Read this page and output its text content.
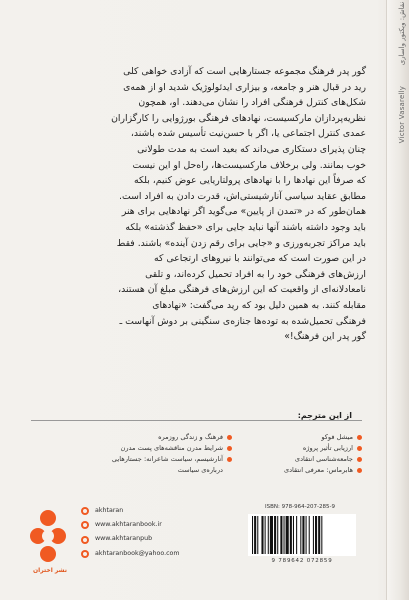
Victor Vasarelly نقاش: ویکتور واساری

گور پدر فرهنگ مجموعه جستارهایی است که آزادی خواهی کلی

رید در قبال هنر و جامعه، و بیزاری ایدئولوژیک شدید او از همه‌ی

شکل‌های کنترل فرهنگی افراد را نشان می‌دهند. او، همچون

نظریه‌پردازان مارکسیست، نهادهای فرهنگی بورژوایی را کارگزاران

عمدی کنترل اجتماعی یا، اگر با حسن‌نیت تأسیس شده باشند،

چنان پذیرای دستکاری می‌داند که بعید است به مدت طولانی

خوب بمانند. ولی برخلاف مارکسیست‌ها، راه‌حل او این نیست

که صرفاً این نهادها را با نهادهای پرولتاریایی عوض کنیم، بلکه

مطابق عقاید سیاسی آنارشیستی‌اش، قدرت دادن به افراد است.

همان‌طور که در «تمدن از پایین» می‌گوید اگر نهادهایی برای هنر

باید وجود داشته باشند آنها نباید جایی برای «حفظ گذشته» بلکه

باید مراکز تجربه‌ورزی و «جایی برای رقم زدن آینده» باشند. فقط

در این صورت است که می‌توانند با نیروهای ارتجاعی که

ارزش‌های فرهنگی خود را به افراد تحمیل کرده‌اند، و تلقی

نامعادلانه‌ای از واقعیت که این ارزش‌های فرهنگی مبلغ آن هستند،

مقابله کنند. به همین دلیل بود که رید می‌گفت: «نهادهای

فرهنگی تحمیل‌شده به توده‌ها جنازه‌ی سنگینی بر دوش آنهاست ـ

گور پدر این فرهنگ!»

از این مترجم:
میشل فوکو
ارزیابی تأثیر پروژه
جامعه‌شناسی انتقادی
هابرماس: معرفی انتقادی
فرهنگ و زندگی روزمره
شرایط مدرن مناقشه‌های پست مدرن
آنارشیسم، سیاست شاعرانه: جستارهایی
درباره‌ی سیاست
akhtaran
www.akhtaranbook.ir
www.akhtaranpub
akhtaranbook@yahoo.com
نشر اختران
ISBN: 978-964-207-285-9
9 789642 072859
